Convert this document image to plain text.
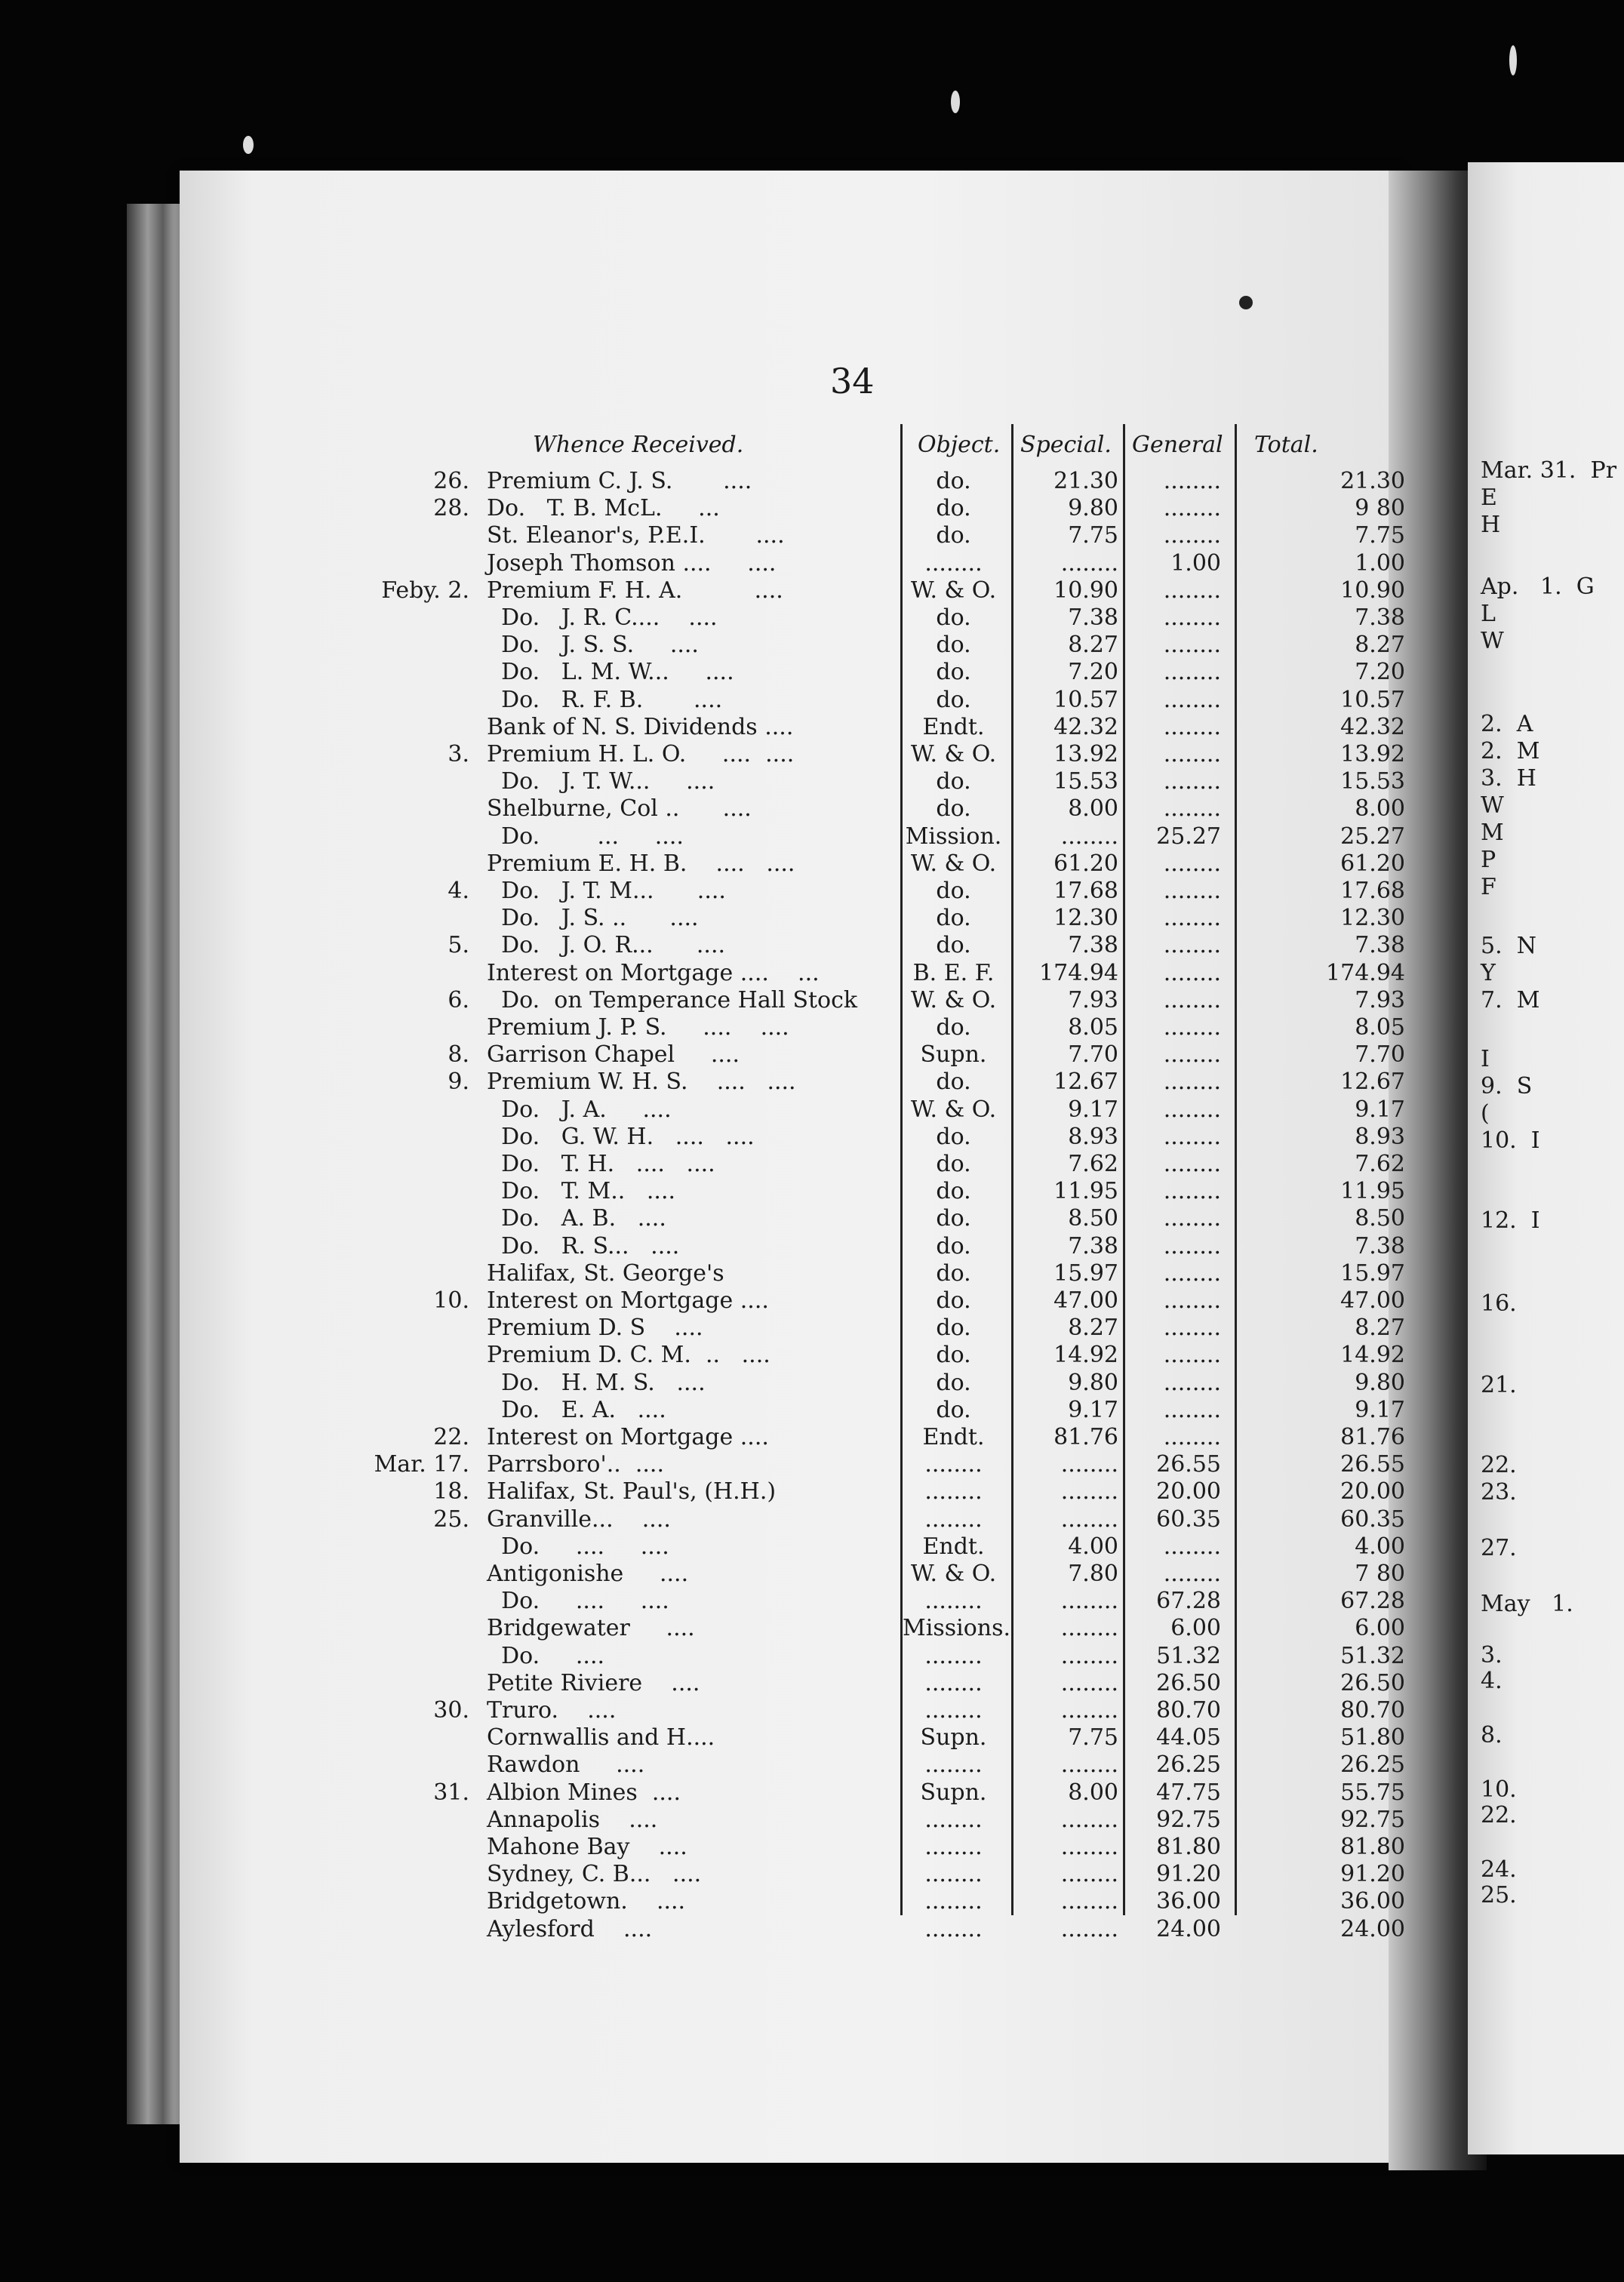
34
Whence Received.	Object. Special. General Total.
26. Premium C. J. S.       ....	do.	21.30 ........	21.30
28. Do.   T. B. McL.     ...	do.	9.80 ........	9 80
St. Eleanor's, P.E.I.       ....	do.	7.75 ........	7.75
Joseph Thomson ....     ....	........	........ 1.00	1.00
Feby. 2. Premium F. H. A.          ....	W. & O.	10.90 ........	10.90
Do.   J. R. C....    ....	do.	7.38 ........	7.38
Do.   J. S. S.     ....	do.	8.27 ........	8.27
Do.   L. M. W...     ....	do.	7.20 ........	7.20
Do.   R. F. B.       ....	do.	10.57 ........	10.57
Bank of N. S. Dividends ....	Endt.	42.32 ........	42.32
3. Premium H. L. O.     ....  ....	W. & O.	13.92 ........	13.92
Do.   J. T. W...     ....	do.	15.53 ........	15.53
Shelburne, Col ..      ....	do.	8.00 ........	8.00
Do.        ...     ....	Mission.	........ 25.27	25.27
Premium E. H. B.    ....   ....	W. & O.	61.20 ........	61.20
4. Do.   J. T. M...      ....	do.	17.68 ........	17.68
Do.   J. S. ..      ....	do.	12.30 ........	12.30
5. Do.   J. O. R...      ....	do.	7.38 ........	7.38
Interest on Mortgage ....    ...	B. E. F.	174.94 ........	174.94
6. Do.  on Temperance Hall Stock	W. & O.	7.93 ........	7.93
Premium J. P. S.     ....    ....	do.	8.05 ........	8.05
8. Garrison Chapel     ....	Supn.	7.70 ........	7.70
9. Premium W. H. S.    ....   ....	do.	12.67 ........	12.67
Do.   J. A.     ....	W. & O.	9.17 ........	9.17
Do.   G. W. H.   ....   ....	do.	8.93 ........	8.93
Do.   T. H.   ....   ....	do.	7.62 ........	7.62
Do.   T. M..   ....	do.	11.95 ........	11.95
Do.   A. B.   ....	do.	8.50 ........	8.50
Do.   R. S...   ....	do.	7.38 ........	7.38
Halifax, St. George's	do.	15.97 ........	15.97
10. Interest on Mortgage ....	do.	47.00 ........	47.00
Premium D. S    ....	do.	8.27 ........	8.27
Premium D. C. M.  ..   ....	do.	14.92 ........	14.92
Do.   H. M. S.   ....	do.	9.80 ........	9.80
Do.   E. A.   ....	do.	9.17 ........	9.17
22. Interest on Mortgage ....	Endt.	81.76 ........	81.76
Mar. 17. Parrsboro'..  ....	........	........ 26.55	26.55
18. Halifax, St. Paul's, (H.H.)	........	........ 20.00	20.00
25. Granville...    ....	........	........ 60.35	60.35
Do.     ....     ....	Endt.	4.00 ........	4.00
Antigonishe     ....	W. & O.	7.80 ........	7 80
Do.     ....     ....	........	........ 67.28	67.28
Bridgewater     ....	Missions. ........ 6.00	6.00
Do.     ....	........	........ 51.32	51.32
Petite Riviere    ....	........	........ 26.50	26.50
30. Truro.    ....	........	........ 80.70	80.70
Cornwallis and H....	Supn.	7.75 44.05	51.80
Rawdon     ....	........	........ 26.25	26.25
31. Albion Mines  ....	Supn.	8.00 47.75	55.75
Annapolis    ....	........	........ 92.75	92.75
Mahone Bay    ....	........	........ 81.80	81.80
Sydney, C. B...   ....	........	........ 91.20	91.20
Bridgetown.    ....	........	........ 36.00	36.00
Aylesford    ....	........	........ 24.00	24.00
Mar. 31.  Pr
E
H
Ap.   1.  G
L
W
2.  A
2.  M
3.  H
W
M
P
F
5.  N
Y
7.  M
I
9.  S
(
10.  I
12.  I
16.
21.
22.
23.
27.
May   1.
3.
4.
8.
10.
22.
24.
25.
